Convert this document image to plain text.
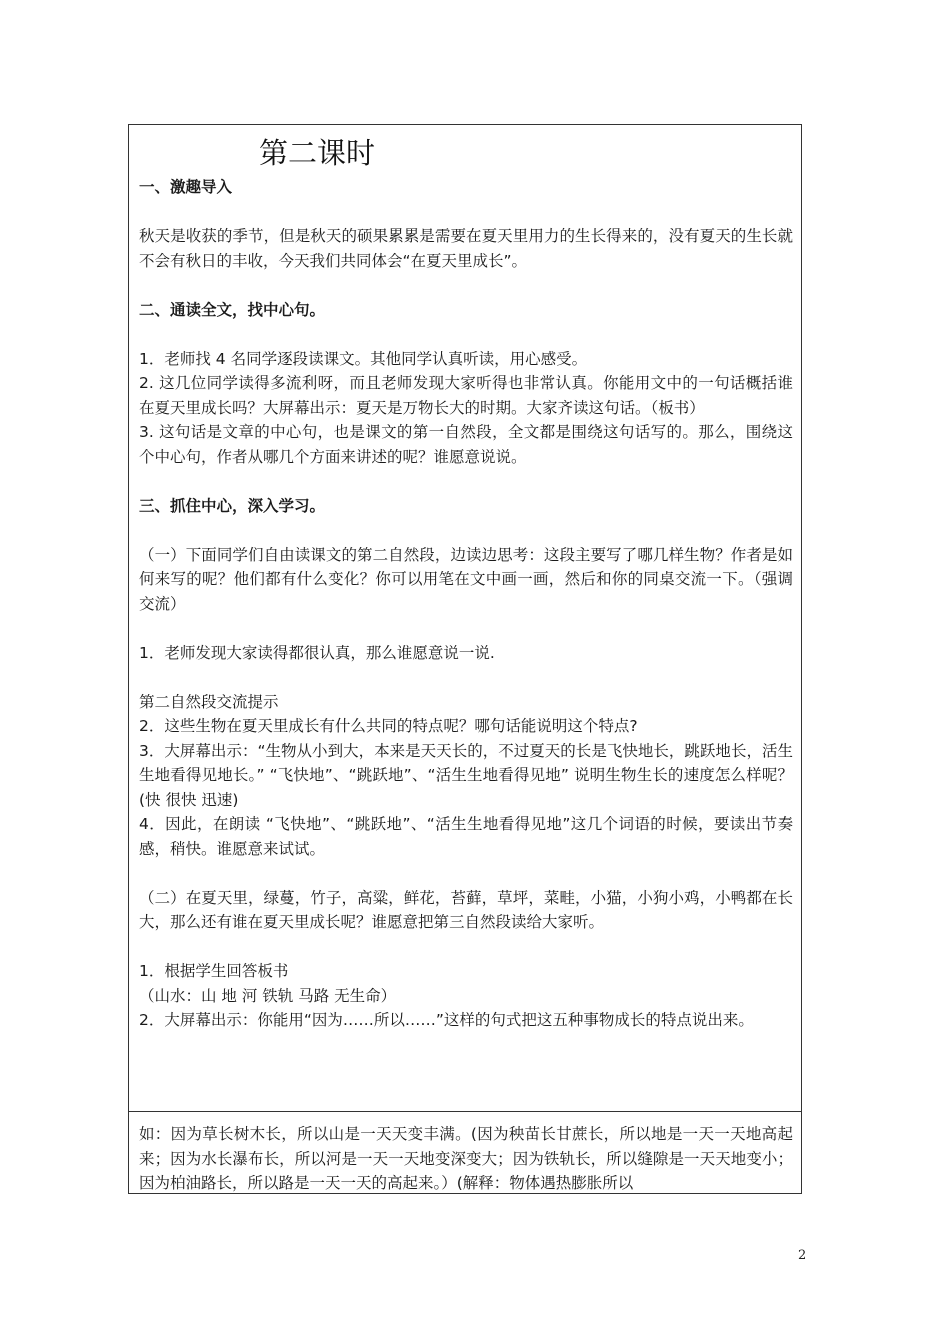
第二课时

一、激趣导入

秋天是收获的季节，但是秋天的硕果累累是需要在夏天里用力的生长得来的，没有夏天的生长就不会有秋日的丰收，今天我们共同体会“在夏天里成长”。

二、通读全文，找中心句。

1．老师找 4 名同学逐段读课文。其他同学认真听读，用心感受。

2. 这几位同学读得多流利呀，而且老师发现大家听得也非常认真。你能用文中的一句话概括谁在夏天里成长吗？大屏幕出示：夏天是万物长大的时期。大家齐读这句话。（板书）

3. 这句话是文章的中心句，也是课文的第一自然段，全文都是围绕这句话写的。那么，围绕这个中心句，作者从哪几个方面来讲述的呢？谁愿意说说。

三、抓住中心，深入学习。

（一）下面同学们自由读课文的第二自然段，边读边思考：这段主要写了哪几样生物？作者是如何来写的呢？他们都有什么变化？你可以用笔在文中画一画，然后和你的同桌交流一下。（强调交流）

1．老师发现大家读得都很认真，那么谁愿意说一说.

第二自然段交流提示

2．这些生物在夏天里成长有什么共同的特点呢？哪句话能说明这个特点?

3．大屏幕出示：“生物从小到大，本来是天天长的，不过夏天的长是飞快地长，跳跃地长，活生生地看得见地长。” “飞快地”、“跳跃地”、“活生生地看得见地” 说明生物生长的速度怎么样呢？ (快 很快 迅速)

4．因此，在朗读 “飞快地”、“跳跃地”、“活生生地看得见地”这几个词语的时候，要读出节奏感，稍快。谁愿意来试试。

（二）在夏天里，绿蔓，竹子，高粱，鲜花，苔藓，草坪，菜畦，小猫，小狗小鸡，小鸭都在长大，那么还有谁在夏天里成长呢？谁愿意把第三自然段读给大家听。

1．根据学生回答板书

（山水：山 地 河 铁轨 马路 无生命）

2．大屏幕出示：你能用“因为……所以……”这样的句式把这五种事物成长的特点说出来。

如：因为草长树木长，所以山是一天天变丰满。(因为秧苗长甘蔗长，所以地是一天一天地高起来；因为水长瀑布长，所以河是一天一天地变深变大；因为铁轨长，所以缝隙是一天天地变小；因为柏油路长，所以路是一天一天的高起来。）(解释：物体遇热膨胀所以

2
